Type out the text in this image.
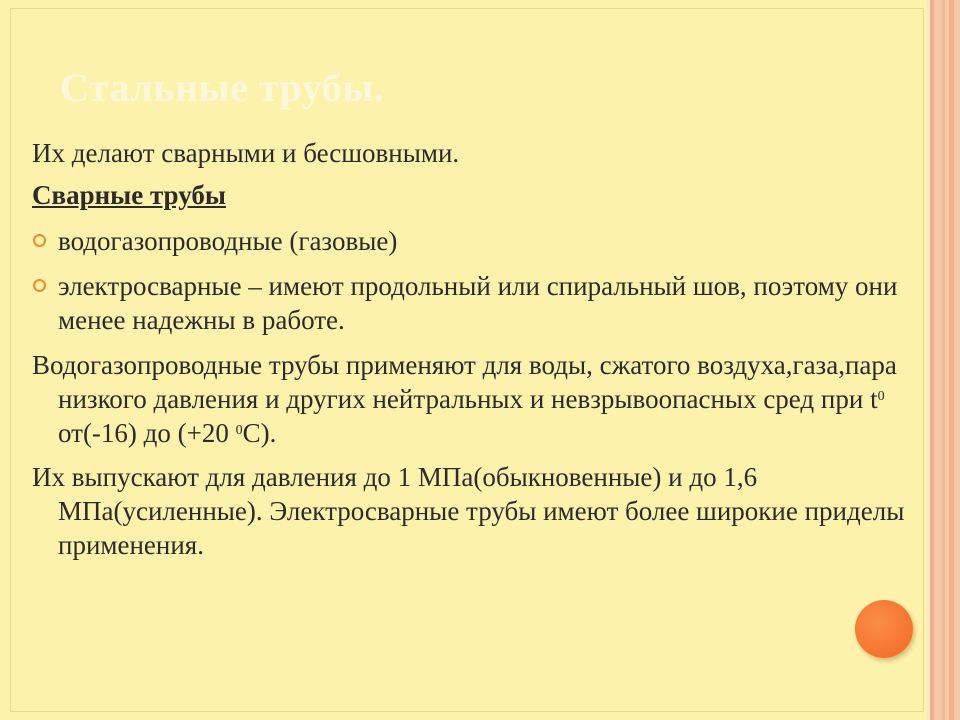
Стальные трубы.

Их делают сварными и бесшовными.

Сварные трубы

водогазопроводные (газовые)
электросварные – имеют продольный или спиральный шов, поэтому они менее надежны в работе.

Водогазопроводные трубы применяют для воды, сжатого воздуха,газа,пара низкого давления и других нейтральных и невзрывоопасных сред при $t^0$ от(-16) до (+20 $^0$С).

Их выпускают для давления до 1 МПа(обыкновенные) и до 1,6 МПа(усиленные). Электросварные трубы имеют более широкие приделы применения.
